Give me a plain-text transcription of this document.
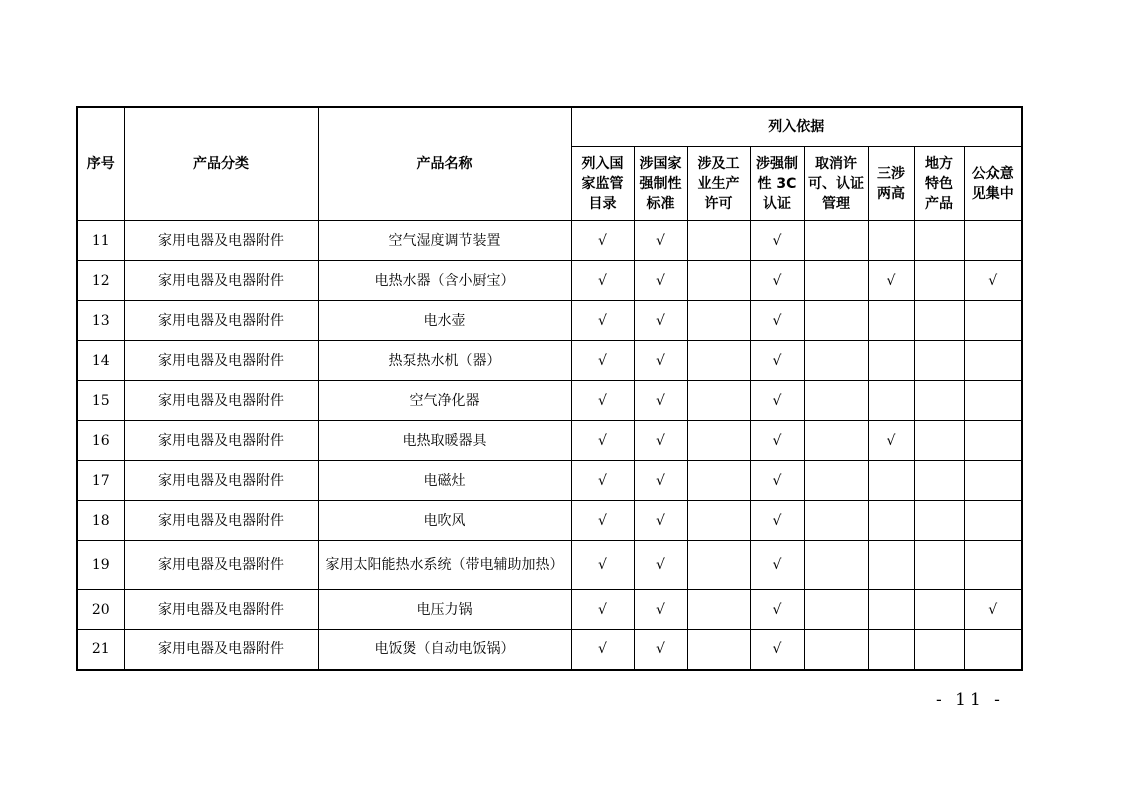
序号	产品分类	产品名称	列入依据							
			列入国家监管目录	涉国家强制性标准	涉及工业生产许可	涉强制性 3C 认证	取消许可、认证管理	三涉两高	地方特色产品	公众意见集中
11	家用电器及电器附件	空气湿度调节装置	√	√		√				
12	家用电器及电器附件	电热水器（含小厨宝）	√	√		√		√		√
13	家用电器及电器附件	电水壶	√	√		√				
14	家用电器及电器附件	热泵热水机（器）	√	√		√				
15	家用电器及电器附件	空气净化器	√	√		√				
16	家用电器及电器附件	电热取暖器具	√	√		√		√		
17	家用电器及电器附件	电磁灶	√	√		√				
18	家用电器及电器附件	电吹风	√	√		√				
19	家用电器及电器附件	家用太阳能热水系统（带电辅助加热）	√	√		√				
20	家用电器及电器附件	电压力锅	√	√		√				√
21	家用电器及电器附件	电饭煲（自动电饭锅）	√	√		√				
- 11 -
